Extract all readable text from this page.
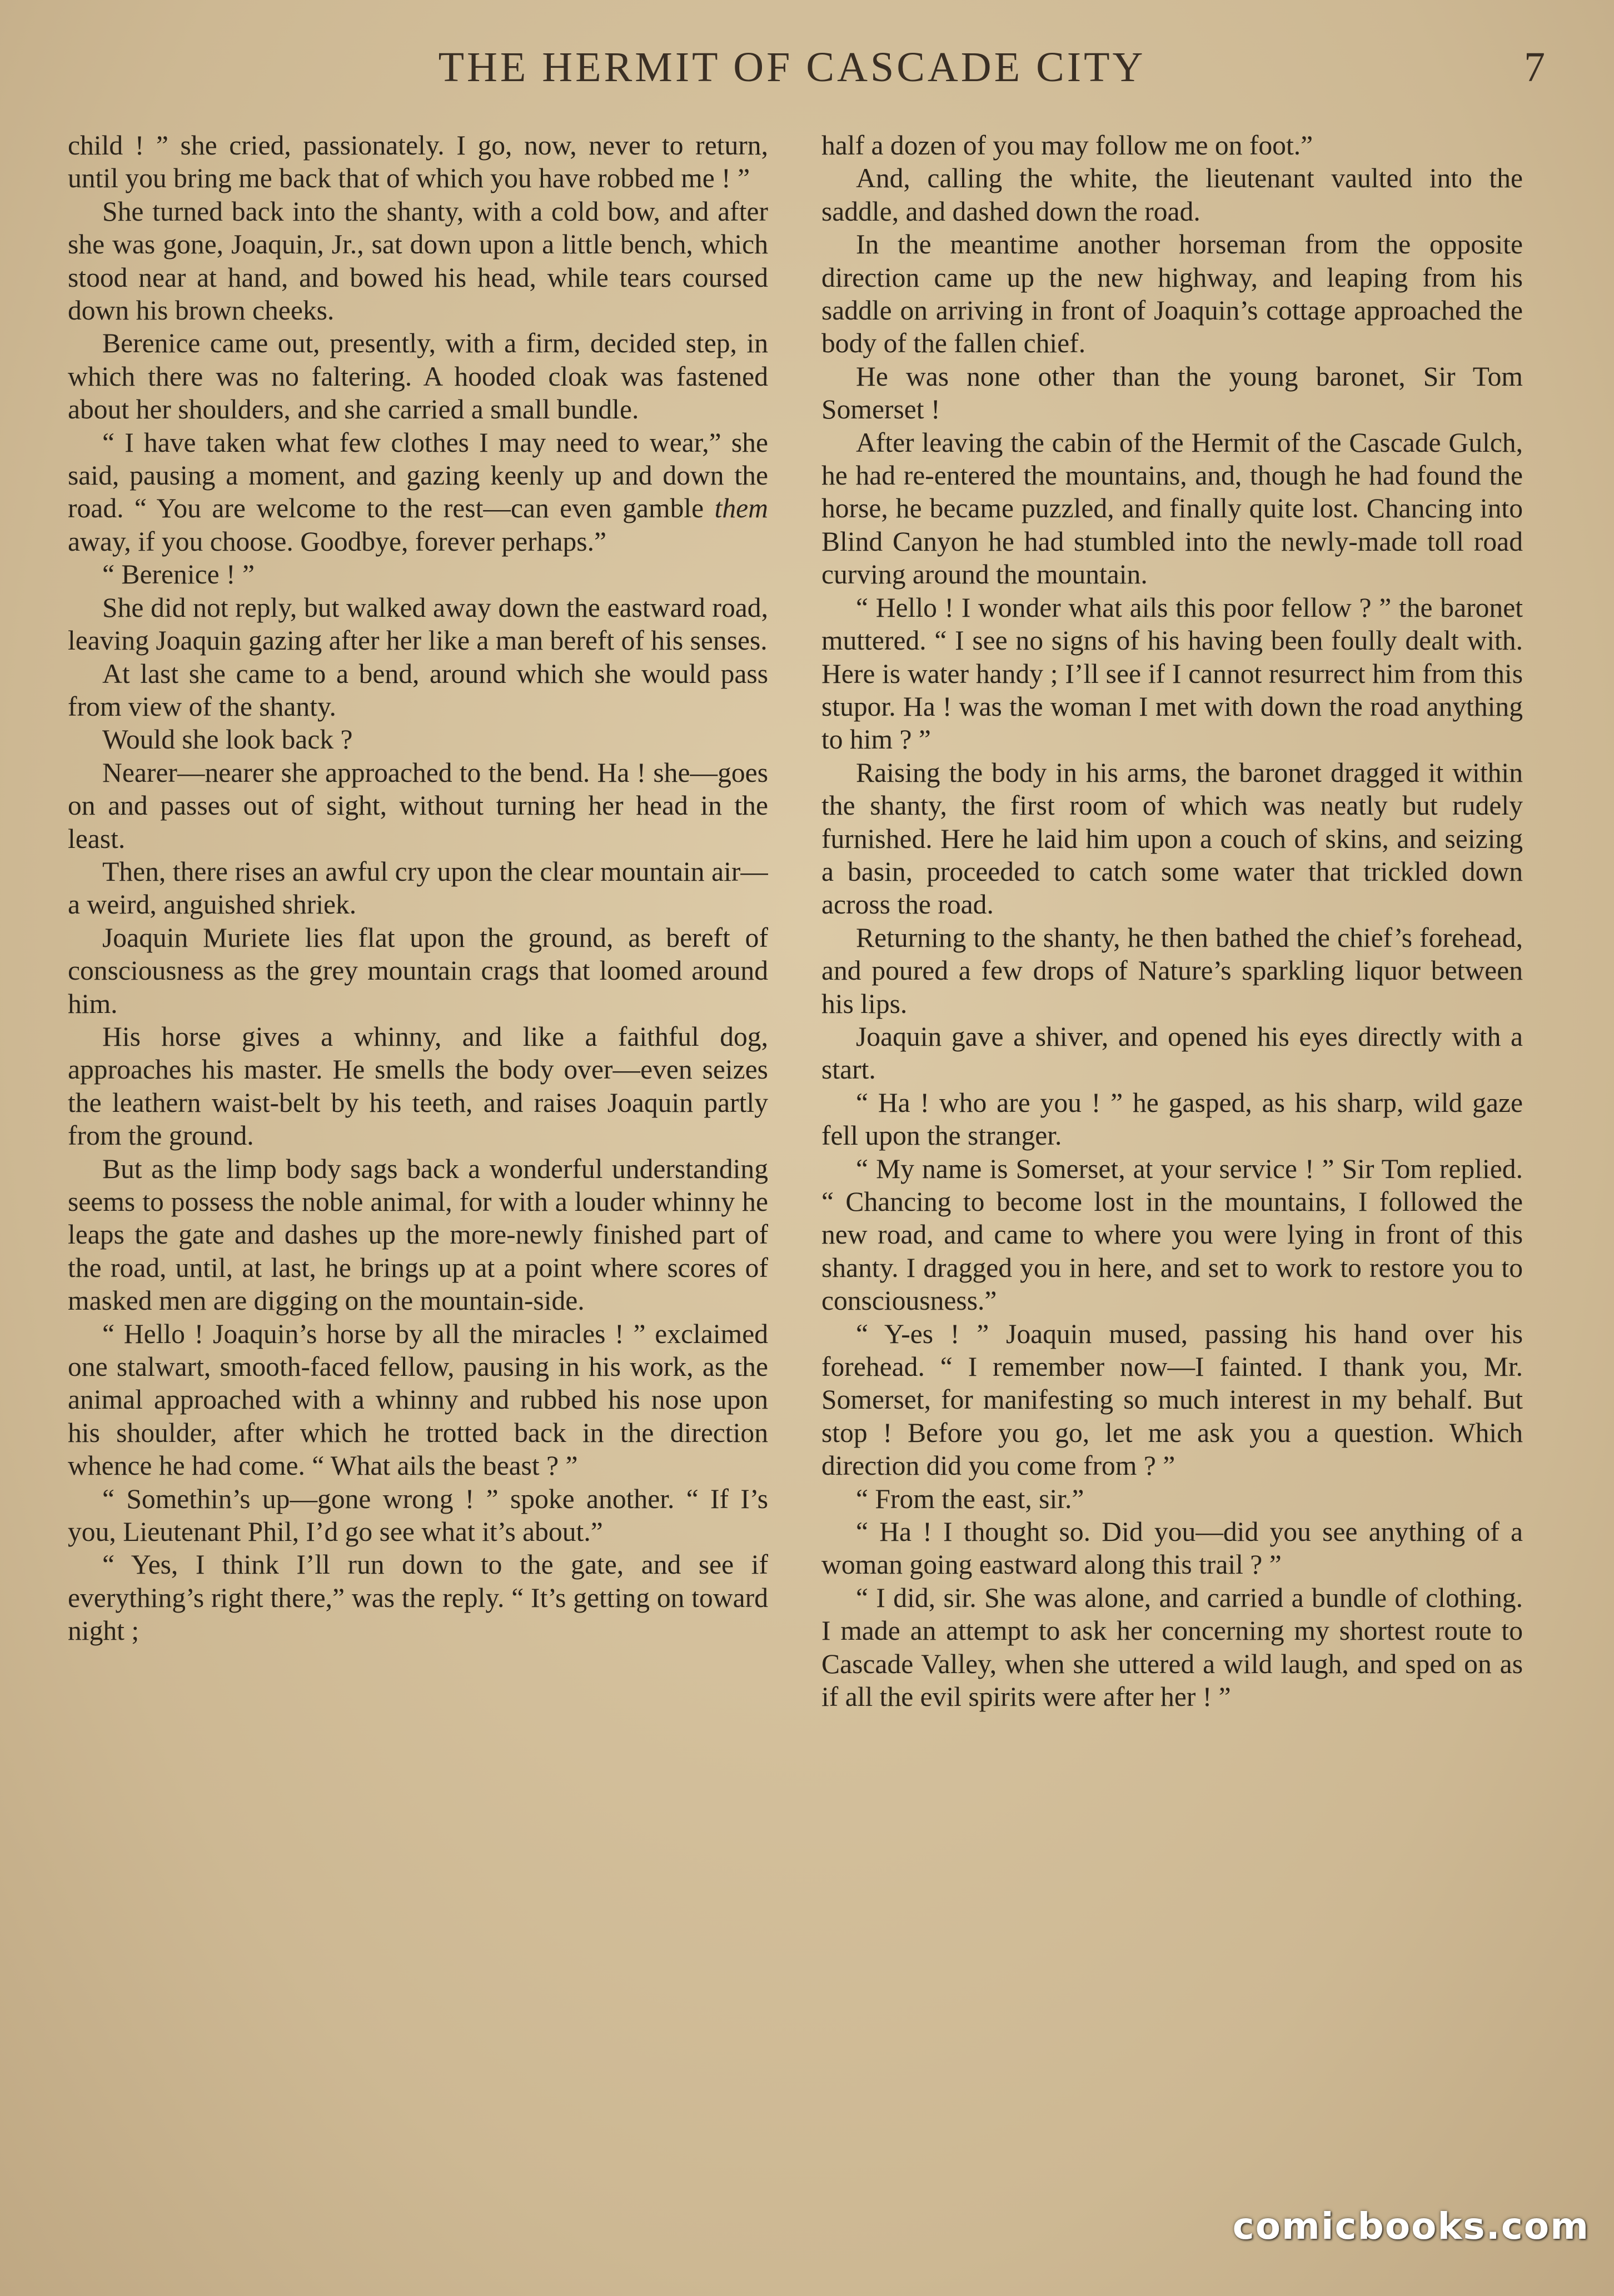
THE HERMIT OF CASCADE CITY	7

child ! ” she cried, passionately. I go, now, never to return, until you bring me back that of which you have robbed me ! ”

She turned back into the shanty, with a cold bow, and after she was gone, Joaquin, Jr., sat down upon a little bench, which stood near at hand, and bowed his head, while tears coursed down his brown cheeks.

Berenice came out, presently, with a firm, decided step, in which there was no faltering. A hooded cloak was fastened about her shoulders, and she carried a small bundle.

“ I have taken what few clothes I may need to wear,” she said, pausing a moment, and gazing keenly up and down the road. “ You are welcome to the rest—can even gamble them away, if you choose. Goodbye, forever perhaps.”

“ Berenice ! ”

She did not reply, but walked away down the eastward road, leaving Joaquin gazing after her like a man bereft of his senses.

At last she came to a bend, around which she would pass from view of the shanty.

Would she look back ?

Nearer—nearer she approached to the bend. Ha ! she—goes on and passes out of sight, without turning her head in the least.

Then, there rises an awful cry upon the clear mountain air—a weird, anguished shriek.

Joaquin Muriete lies flat upon the ground, as bereft of consciousness as the grey mountain crags that loomed around him.

His horse gives a whinny, and like a faithful dog, approaches his master. He smells the body over—even seizes the leathern waist-belt by his teeth, and raises Joaquin partly from the ground.

But as the limp body sags back a wonderful understanding seems to possess the noble animal, for with a louder whinny he leaps the gate and dashes up the more-newly finished part of the road, until, at last, he brings up at a point where scores of masked men are digging on the mountain-side.

“ Hello ! Joaquin’s horse by all the miracles ! ” exclaimed one stalwart, smooth-faced fellow, pausing in his work, as the animal approached with a whinny and rubbed his nose upon his shoulder, after which he trotted back in the direction whence he had come. “ What ails the beast ? ”

“ Somethin’s up—gone wrong ! ” spoke another. “ If I’s you, Lieutenant Phil, I’d go see what it’s about.”

“ Yes, I think I’ll run down to the gate, and see if everything’s right there,” was the reply. “ It’s getting on toward night ;

half a dozen of you may follow me on foot.”

And, calling the white, the lieutenant vaulted into the saddle, and dashed down the road.

In the meantime another horseman from the opposite direction came up the new highway, and leaping from his saddle on arriving in front of Joaquin’s cottage approached the body of the fallen chief.

He was none other than the young baronet, Sir Tom Somerset !

After leaving the cabin of the Hermit of the Cascade Gulch, he had re-entered the mountains, and, though he had found the horse, he became puzzled, and finally quite lost. Chancing into Blind Canyon he had stumbled into the newly-made toll road curving around the mountain.

“ Hello ! I wonder what ails this poor fellow ? ” the baronet muttered. “ I see no signs of his having been foully dealt with. Here is water handy ; I’ll see if I cannot resurrect him from this stupor. Ha ! was the woman I met with down the road anything to him ? ”

Raising the body in his arms, the baronet dragged it within the shanty, the first room of which was neatly but rudely furnished. Here he laid him upon a couch of skins, and seizing a basin, proceeded to catch some water that trickled down across the road.

Returning to the shanty, he then bathed the chief’s forehead, and poured a few drops of Nature’s sparkling liquor between his lips.

Joaquin gave a shiver, and opened his eyes directly with a start.

“ Ha ! who are you ! ” he gasped, as his sharp, wild gaze fell upon the stranger.

“ My name is Somerset, at your service ! ” Sir Tom replied. “ Chancing to become lost in the mountains, I followed the new road, and came to where you were lying in front of this shanty. I dragged you in here, and set to work to restore you to consciousness.”

“ Y-es ! ” Joaquin mused, passing his hand over his forehead. “ I remember now—I fainted. I thank you, Mr. Somerset, for manifesting so much interest in my behalf. But stop ! Before you go, let me ask you a question. Which direction did you come from ? ”

“ From the east, sir.”

“ Ha ! I thought so. Did you—did you see anything of a woman going eastward along this trail ? ”

“ I did, sir. She was alone, and carried a bundle of clothing. I made an attempt to ask her concerning my shortest route to Cascade Valley, when she uttered a wild laugh, and sped on as if all the evil spirits were after her ! ”

comicbooks.com
